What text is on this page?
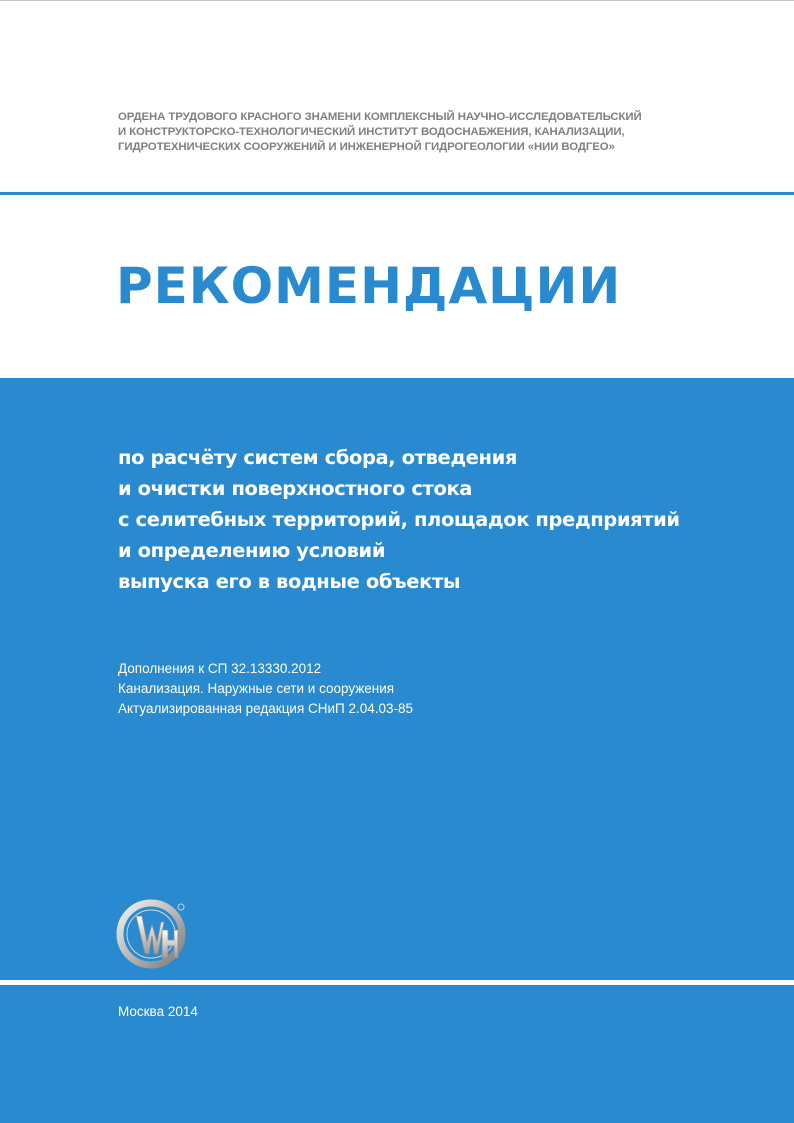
ОРДЕНА ТРУДОВОГО КРАСНОГО ЗНАМЕНИ КОМПЛЕКСНЫЙ НАУЧНО-ИССЛЕДОВАТЕЛЬСКИЙ
И КОНСТРУКТОРСКО-ТЕХНОЛОГИЧЕСКИЙ ИНСТИТУТ ВОДОСНАБЖЕНИЯ, КАНАЛИЗАЦИИ,
ГИДРОТЕХНИЧЕСКИХ СООРУЖЕНИЙ И ИНЖЕНЕРНОЙ ГИДРОГЕОЛОГИИ «НИИ ВОДГЕО»
РЕКОМЕНДАЦИИ
по расчёту систем сбора, отведения
и очистки поверхностного стока
с селитебных территорий, площадок предприятий
и определению условий
выпуска его в водные объекты
Дополнения к СП 32.13330.2012
Канализация. Наружные сети и сооружения
Актуализированная редакция СНиП 2.04.03-85
Москва 2014
